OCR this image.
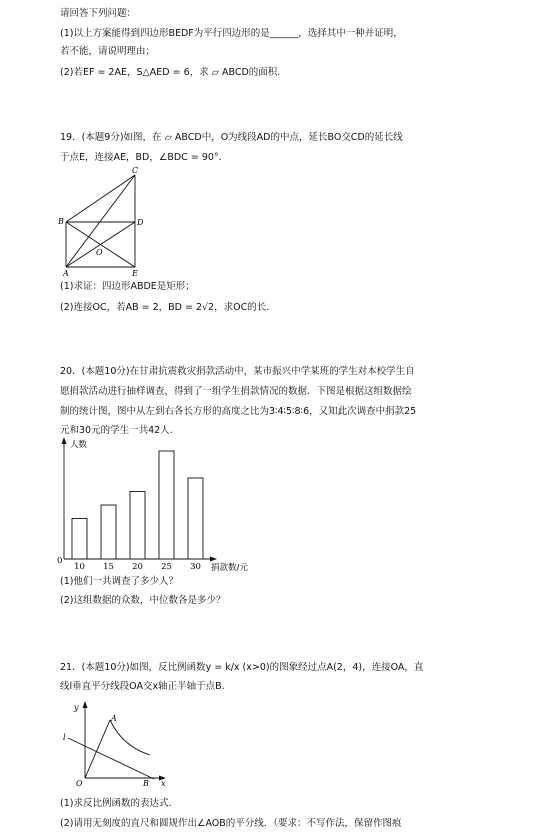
请回答下列问题：
(1)以上方案能得到四边形BEDF为平行四边形的是______，选择其中一种并证明，
若不能，请说明理由；
(2)若EF = 2AE，S△AED = 6，求 ▱ ABCD的面积.
19．(本题9分)如图，在 ▱ ABCD中，O为线段AD的中点，延长BO交CD的延长线
于点E，连接AE，BD，∠BDC = 90°．
C
B	D
O
A	E
(1)求证：四边形ABDE是矩形；
(2)连接OC，若AB = 2，BD = 2√2，求OC的长.
20．(本题10分)在甘肃抗震救灾捐款活动中，某市振兴中学某班的学生对本校学生自
愿捐款活动进行抽样调查，得到了一组学生捐款情况的数据．下图是根据这组数据绘
制的统计图，图中从左到右各长方形的高度之比为3∶4∶5∶8∶6，又知此次调查中捐款25
元和30元的学生一共42人.
人数
捐款数/元
0
10 15 20 25 30
(1)他们一共调查了多少人？
(2)这组数据的众数，中位数各是多少？
21．(本题10分)如图，反比例函数y = k/x (x>0)的图象经过点A(2，4)，连接OA，直
线l垂直平分线段OA交x轴正半轴于点B.
y
A
l
O	B x
(1)求反比例函数的表达式.
(2)请用无刻度的直尺和圆规作出∠AOB的平分线．（要求：不写作法，保留作图痕
